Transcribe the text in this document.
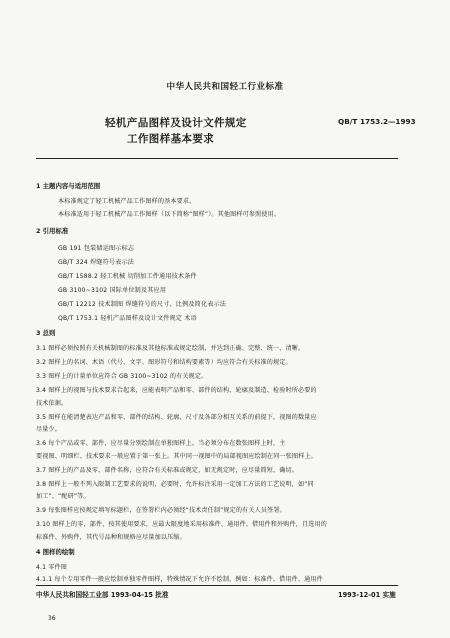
中华人民共和国轻工行业标准
轻机产品图样及设计文件规定
工作图样基本要求
QB/T 1753.2—1993
1 主题内容与适用范围
本标准规定了轻工机械产品工作图样的基本要求。
本标准适用于轻工机械产品工作图样（以下简称“图样”）。其他图样可参照使用。
2 引用标准
GB 191 包装储运图示标志
GB/T 324 焊缝符号表示法
GB/T 1588.2 轻工机械 切削加工件通用技术条件
GB 3100~3102 国际单位制及其应用
GB/T 12212 技术制图 焊缝符号的尺寸、比例及简化表示法
QB/T 1753.1 轻机产品图样及设计文件规定 术语
3 总则
3.1 图样必须按照有关机械制图的标准及其他标准或规定绘制，并达到正确、完整、统一、清晰。
3.2 图样上的名词、术语（代号、文字、图形符号和结构要素等）均应符合有关标准的规定。
3.3 图样上的计量单位应符合 GB 3100~3102 的有关规定。
3.4 图样上的视图与技术要求合起来，应能表明产品和零、部件的结构、轮廓及制造、检验时所必要的
技术依据。
3.5 图样在能清楚表达产品和零、部件的结构、轮廓、尺寸及各部分相互关系的前提下，视图的数量应
尽量少。
3.6 每个产品或零、部件，应尽量分别绘制在单独图样上。当必须分布在数张图样上时，主
要视图、明细栏、技术要求一般应置于第一张上。其中同一视图中的局部视图应绘制在同一张图样上。
3.7 图样上的产品及零、部件名称，应符合有关标准或规定，如无规定时，应尽量简短、确切。
3.8 图样上一般不列入限制工艺要求的说明，必要时，允许标注采用一定加工方法的工艺说明，如“同
加工”、“配研”等。
3.9 每张图样应按规定填写标题栏，在签署栏内必须经“技术责任制”规定的有关人员签署。
3.10 图样上的零、部件，按其使用要求，应最大限度地采用标准件、通用件、借用件和外购件，且选用的
标准件、外购件，其代号品种和规格应尽量加以压缩。
4 图样的绘制
4.1 零件图
4.1.1 每个专用零件一般应绘制单独零件图样，特殊情况下允许不绘制，例如：标准件、借用件、通用件
中华人民共和国轻工业部 1993-04-15 批准	1993-12-01 实施
36
